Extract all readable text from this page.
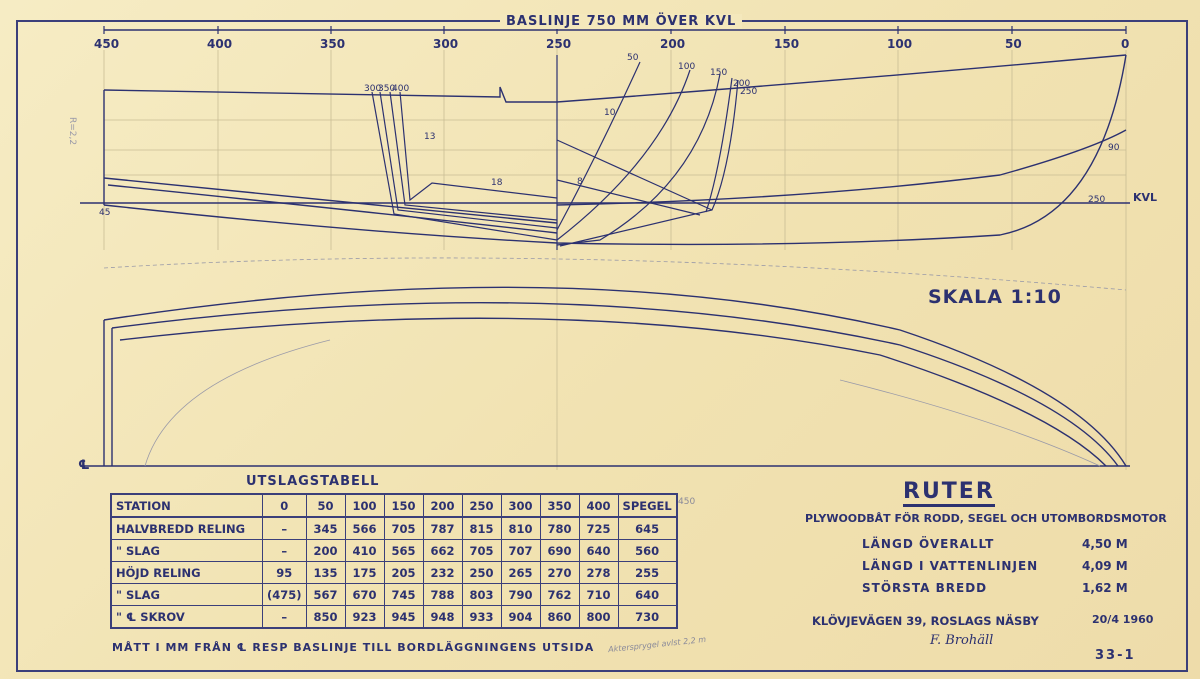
BASLINJE 750 MM ÖVER KVL
450	400	350	300	250	200	150	100	50	0
300
350
400
50
100
150
200
250
13
18
10
8
90
250
45
R=2,2
KVL
℄
SKALA 1:10
UTSLAGSTABELL
STATION	0	50	100	150	200	250	300	350	400	SPEGEL
HALVBREDD RELING	–	345	566	705	787	815	810	780	725	645
" SLAG	–	200	410	565	662	705	707	690	640	560
HÖJD RELING	95	135	175	205	232	250	265	270	278	255
" SLAG	(475)	567	670	745	788	803	790	762	710	640
" ℄ SKROV	–	850	923	945	948	933	904	860	800	730
450
MÅTT I MM FRÅN ℄ RESP BASLINJE TILL BORDLÄGGNINGENS UTSIDA Aktersprygel avlst 2,2 m
RUTER
PLYWOODBÅT FÖR RODD, SEGEL OCH UTOMBORDSMOTOR
LÄNGD ÖVERALLT	4,50 M
LÄNGD I VATTENLINJEN	4,09 M
STÖRSTA BREDD	1,62 M
KLÖVJEVÄGEN 39, ROSLAGS NÄSBY	20/4 1960
F. Brohäll
33-1
